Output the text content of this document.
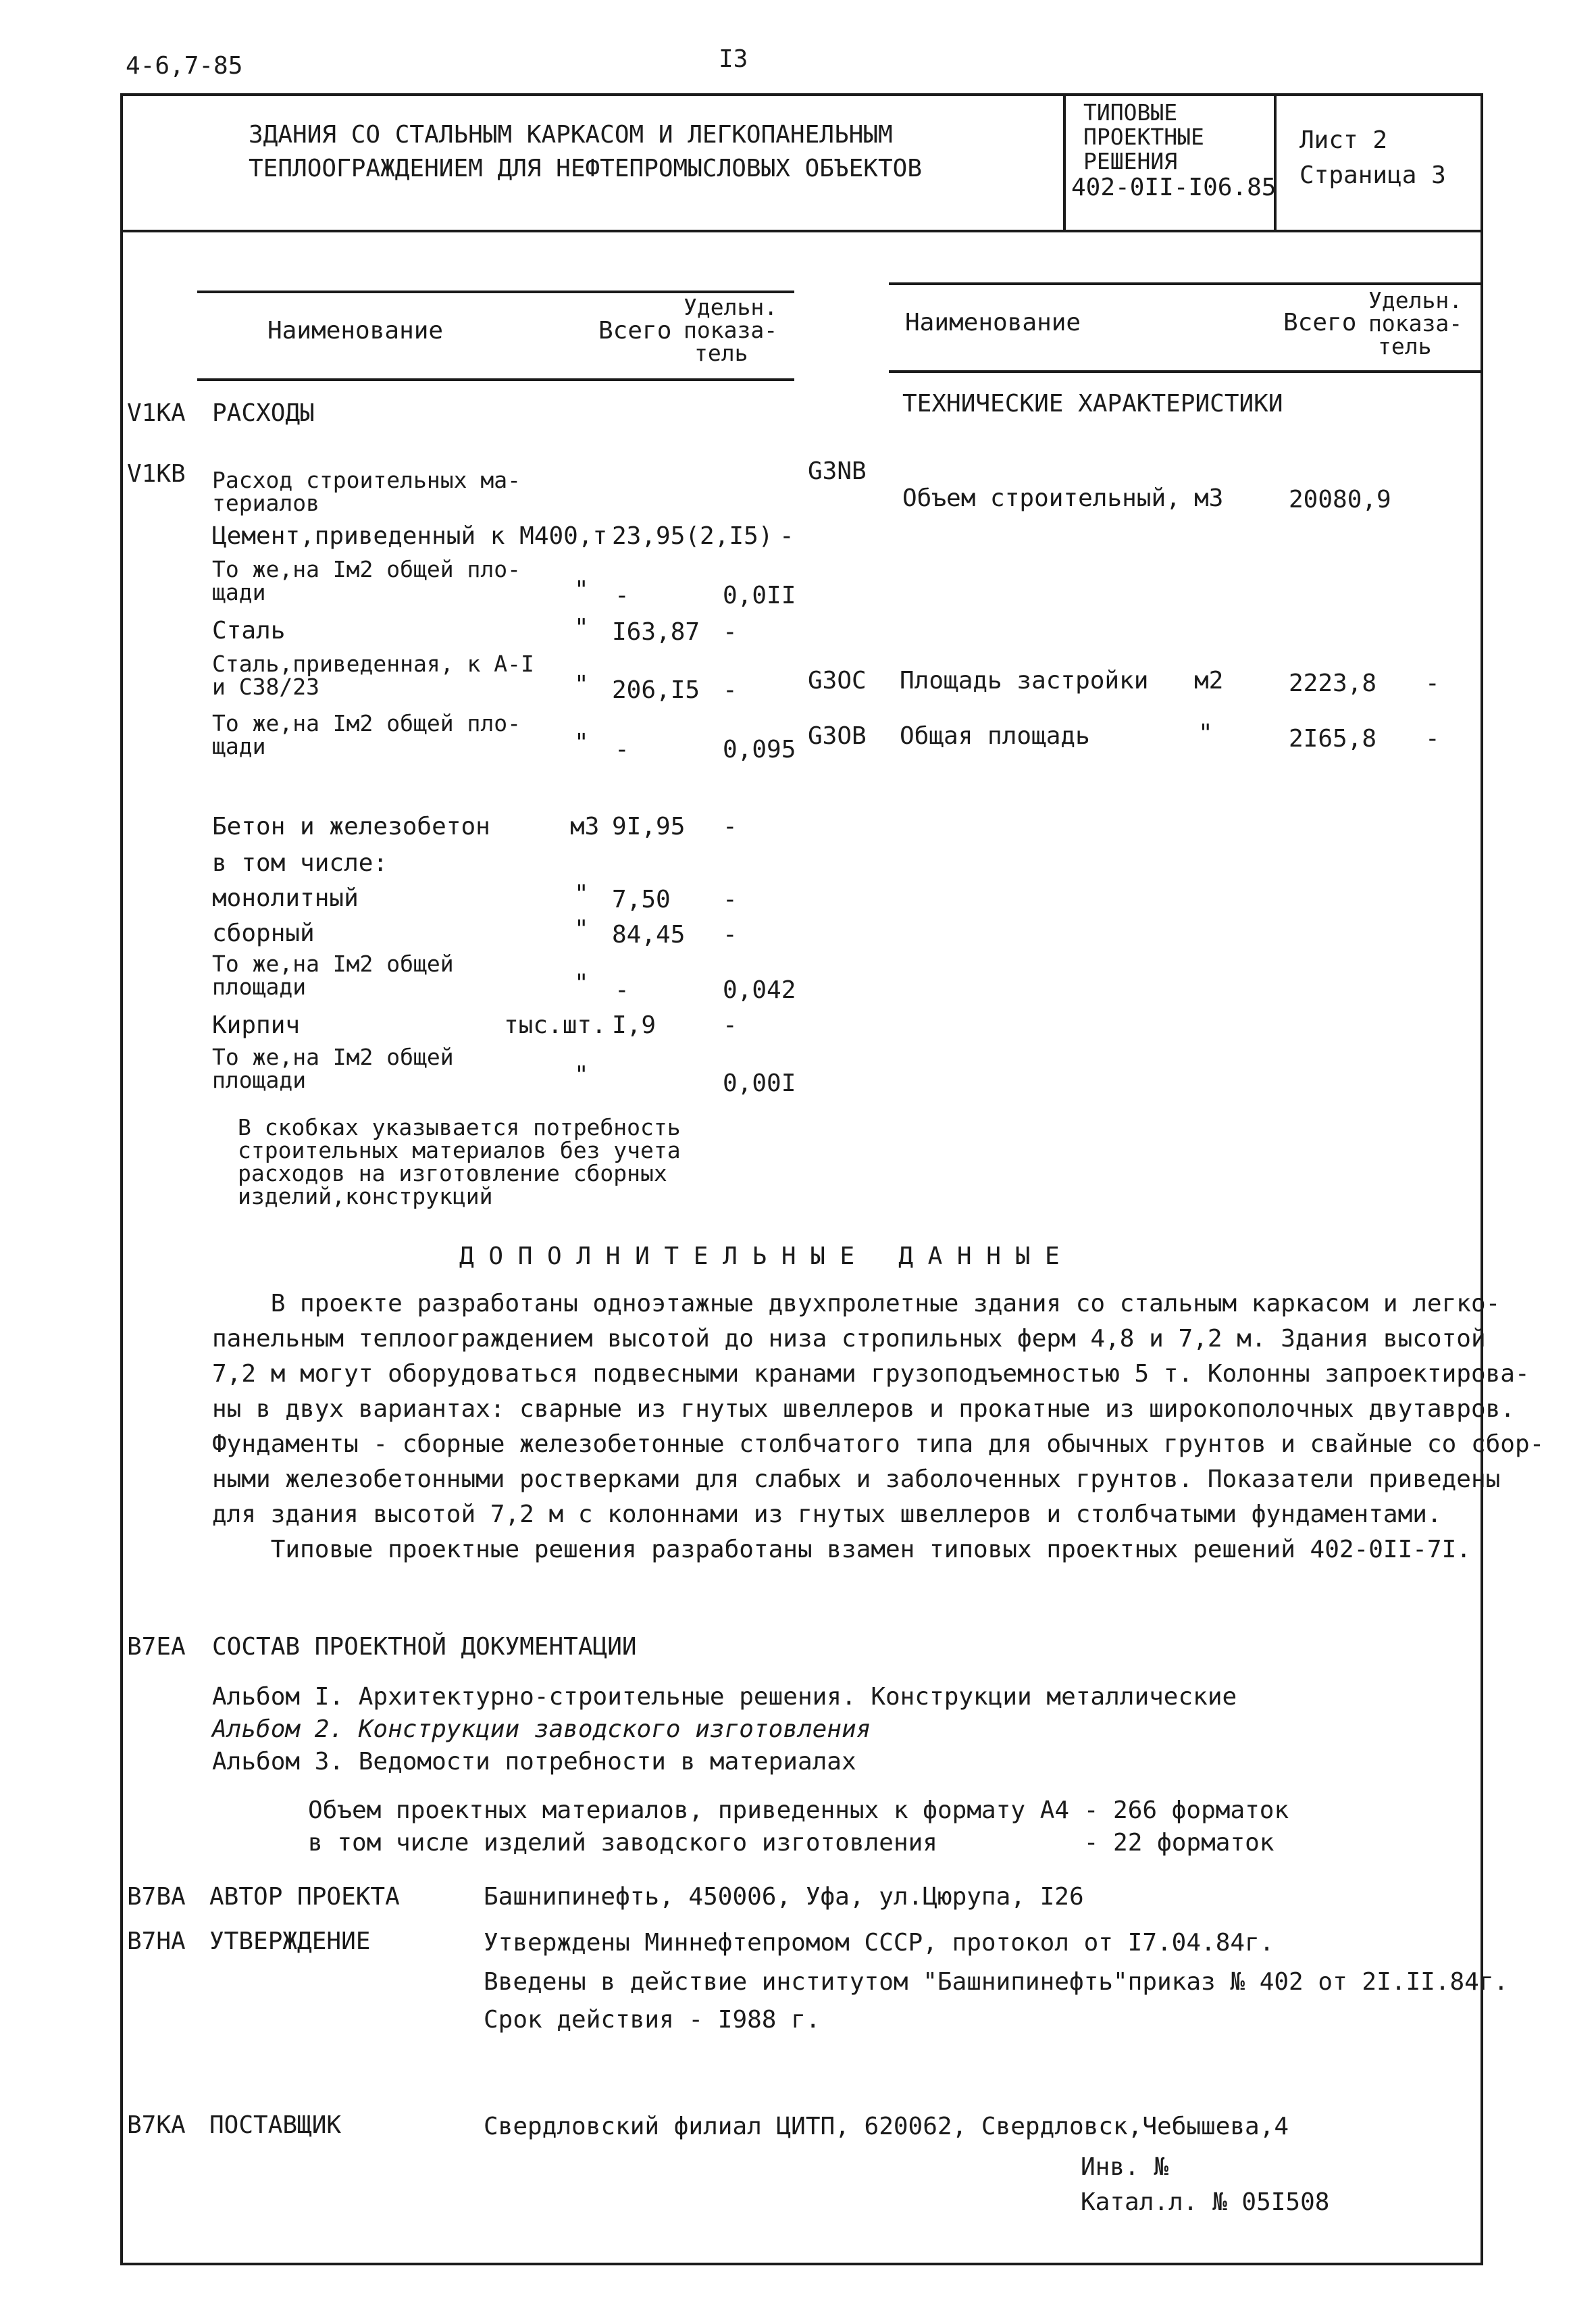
4-6,7-85	I3
ЗДАНИЯ СО СТАЛЬНЫМ КАРКАСОМ И ЛЕГКОПАНЕЛЬНЫМ
ТЕПЛООГРАЖДЕНИЕМ ДЛЯ НЕФТЕПРОМЫСЛОВЫХ ОБЪЕКТОВ
ТИПОВЫЕ
ПРОЕКТНЫЕ
РЕШЕНИЯ
402-0II-I06.85
Лист 2
Страница 3
Наименование	Всего
Удельн.
показа-
тель
Наименование	Всего
Удельн.
показа-
тель
V1KA РАСХОДЫ
V1KB Расход строительных ма-
териалов
Цемент,приведенный к М400,т 23,95(2,I5) -
То же,на Iм2 общей пло-
щади	" -	0,0II
Сталь	" I63,87 -
Сталь,приведенная, к А-I
и С38/23	" 206,I5 -
То же,на Iм2 общей пло-
щади	" -	0,095
Бетон и железобетон	м3 9I,95 -
в том числе:
монолитный	" 7,50 -
сборный	" 84,45 -
То же,на Iм2 общей
площади	" -	0,042
Кирпич	тыс.шт. I,9	-
То же,на Iм2 общей
площади	"	0,00I
В скобках указывается потребность
строительных материалов без учета
расходов на изготовление сборных
изделий,конструкций
ТЕХНИЧЕСКИЕ ХАРАКТЕРИСТИКИ
G3NB
Объем строительный, м3	20080,9
G3OC Площадь застройки м2	2223,8 -
G3OB Общая площадь	"	2I65,8 -
Д О П О Л Н И Т Е Л Ь Н Ы Е   Д А Н Н Ы Е
В проекте разработаны одноэтажные двухпролетные здания со стальным каркасом и легко-
панельным теплоограждением высотой до низа стропильных ферм 4,8 и 7,2 м. Здания высотой
7,2 м могут оборудоваться подвесными кранами грузоподъемностью 5 т. Колонны запроектирова-
ны в двух вариантах: сварные из гнутых швеллеров и прокатные из широкополочных двутавров.
Фундаменты - сборные железобетонные столбчатого типа для обычных грунтов и свайные со сбор-
ными железобетонными ростверками для слабых и заболоченных грунтов. Показатели приведены
для здания высотой 7,2 м с колоннами из гнутых швеллеров и столбчатыми фундаментами.
Типовые проектные решения разработаны взамен типовых проектных решений 402-0II-7I.
B7EA СОСТАВ ПРОЕКТНОЙ ДОКУМЕНТАЦИИ
Альбом I. Архитектурно-строительные решения. Конструкции металлические
Альбом 2. Конструкции заводского изготовления
Альбом 3. Ведомости потребности в материалах
Объем проектных материалов, приведенных к формату А4 - 266 форматок
в том числе изделий заводского изготовления          - 22 форматок
B7BA АВТОР ПРОЕКТА	Башнипинефть, 450006, Уфа, ул.Цюрупа, I26
B7HA УТВЕРЖДЕНИЕ	Утверждены Миннефтепромом СССР, протокол от I7.04.84г.
Введены в действие институтом "Башнипинефть"приказ № 402 от 2I.II.84г.
Срок действия - I988 г.
B7KA ПОСТАВЩИК	Свердловский филиал ЦИТП, 620062, Свердловск,Чебышева,4
Инв. №
Катал.л. № 05I508
